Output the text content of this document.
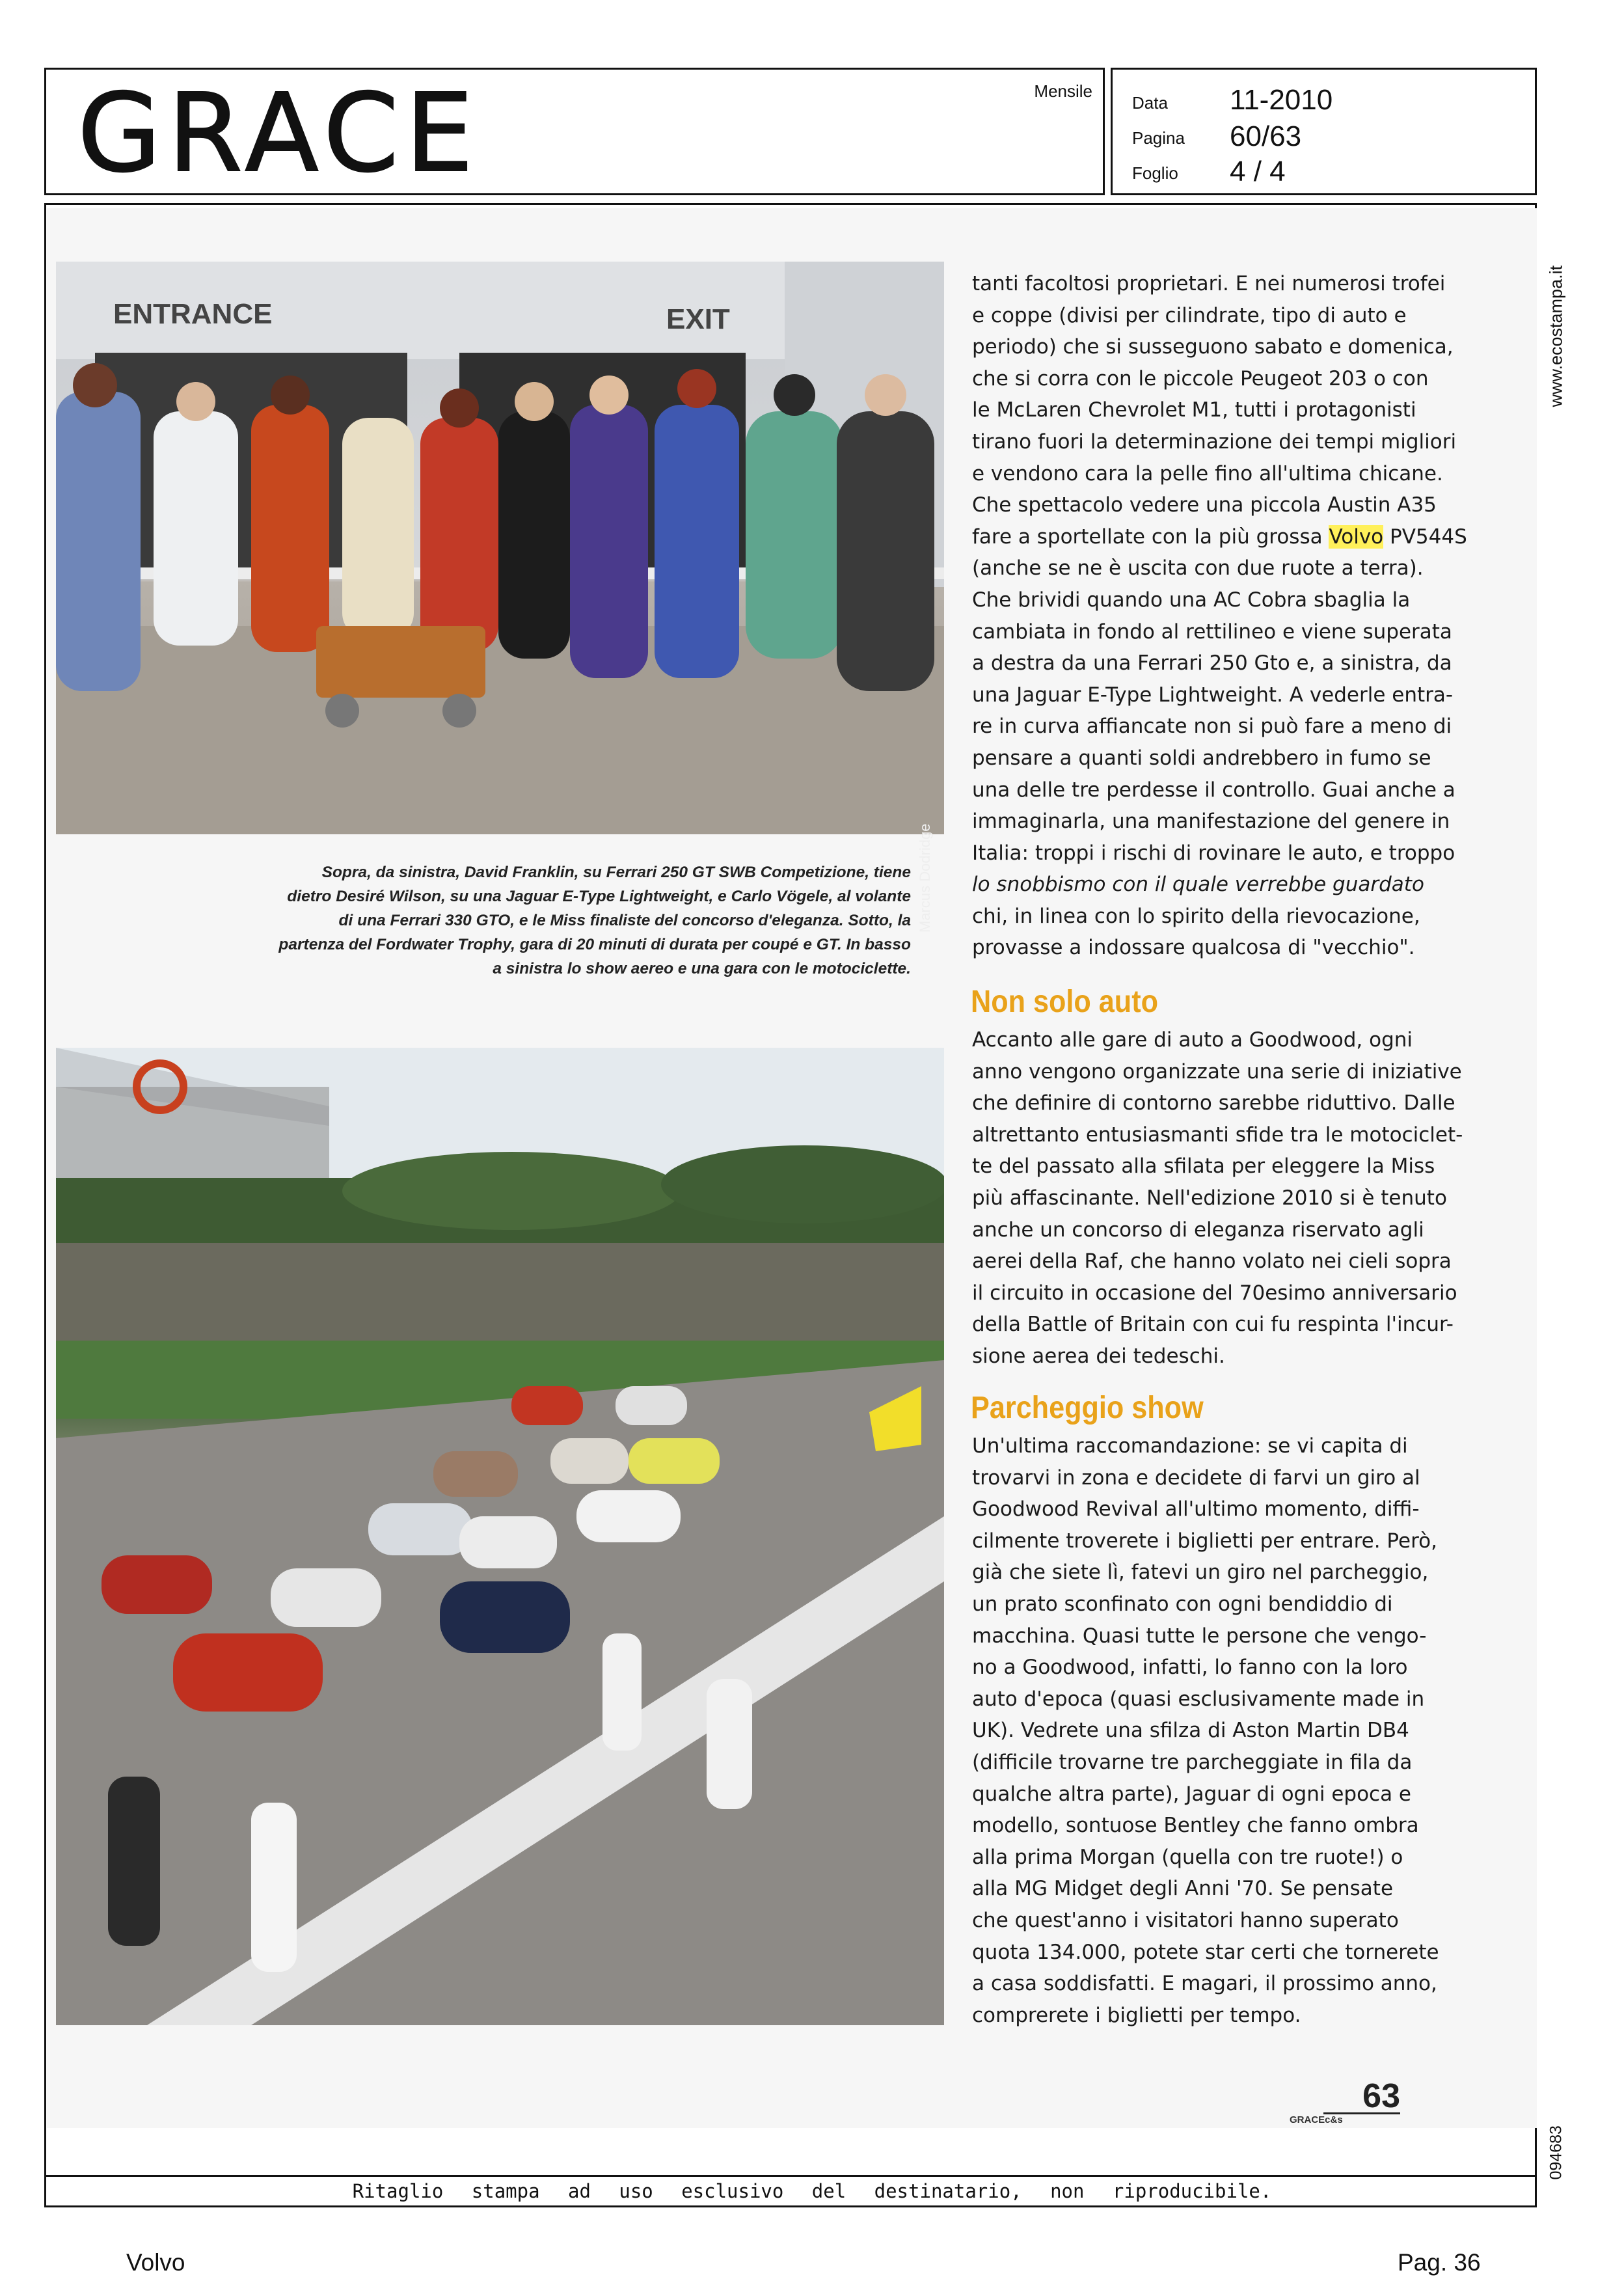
GRACE	Mensile
Data	11-2010
Pagina	60/63
Foglio	4 / 4
www.ecostampa.it
094683
ENTRANCE	EXIT
Marcus Dodridge
Sopra, da sinistra, David Franklin, su Ferrari 250 GT SWB Competizione, tiene
dietro Desiré Wilson, su una Jaguar E-Type Lightweight, e Carlo Vögele, al volante
di una Ferrari 330 GTO, e le Miss finaliste del concorso d'eleganza. Sotto, la
partenza del Fordwater Trophy, gara di 20 minuti di durata per coupé e GT. In basso
a sinistra lo show aereo e una gara con le motociclette.
tanti facoltosi proprietari. E nei numerosi trofei
e coppe (divisi per cilindrate, tipo di auto e
periodo) che si susseguono sabato e domenica,
che si corra con le piccole Peugeot 203 o con
le McLaren Chevrolet M1, tutti i protagonisti
tirano fuori la determinazione dei tempi migliori
e vendono cara la pelle fino all'ultima chicane.
Che spettacolo vedere una piccola Austin A35
fare a sportellate con la più grossa Volvo PV544S
(anche se ne è uscita con due ruote a terra).
Che brividi quando una AC Cobra sbaglia la
cambiata in fondo al rettilineo e viene superata
a destra da una Ferrari 250 Gto e, a sinistra, da
una Jaguar E-Type Lightweight. A vederle entra-
re in curva affiancate non si può fare a meno di
pensare a quanti soldi andrebbero in fumo se
una delle tre perdesse il controllo. Guai anche a
immaginarla, una manifestazione del genere in
Italia: troppi i rischi di rovinare le auto, e troppo
lo snobbismo con il quale verrebbe guardato
chi, in linea con lo spirito della rievocazione,
provasse a indossare qualcosa di "vecchio".
Non solo auto
Accanto alle gare di auto a Goodwood, ogni
anno vengono organizzate una serie di iniziative
che definire di contorno sarebbe riduttivo. Dalle
altrettanto entusiasmanti sfide tra le motociclet-
te del passato alla sfilata per eleggere la Miss
più affascinante. Nell'edizione 2010 si è tenuto
anche un concorso di eleganza riservato agli
aerei della Raf, che hanno volato nei cieli sopra
il circuito in occasione del 70esimo anniversario
della Battle of Britain con cui fu respinta l'incur-
sione aerea dei tedeschi.
Parcheggio show
Un'ultima raccomandazione: se vi capita di
trovarvi in zona e decidete di farvi un giro al
Goodwood Revival all'ultimo momento, diffi-
cilmente troverete i biglietti per entrare. Però,
già che siete lì, fatevi un giro nel parcheggio,
un prato sconfinato con ogni bendiddio di
macchina. Quasi tutte le persone che vengo-
no a Goodwood, infatti, lo fanno con la loro
auto d'epoca (quasi esclusivamente made in
UK). Vedrete una sfilza di Aston Martin DB4
(difficile trovarne tre parcheggiate in fila da
qualche altra parte), Jaguar di ogni epoca e
modello, sontuose Bentley che fanno ombra
alla prima Morgan (quella con tre ruote!) o
alla MG Midget degli Anni '70. Se pensate
che quest'anno i visitatori hanno superato
quota 134.000, potete star certi che tornerete
a casa soddisfatti. E magari, il prossimo anno,
comprerete i biglietti per tempo.
63
GRACEc&s
Ritaglio stampa ad uso esclusivo del destinatario, non riproducibile.
Volvo	Pag. 36
